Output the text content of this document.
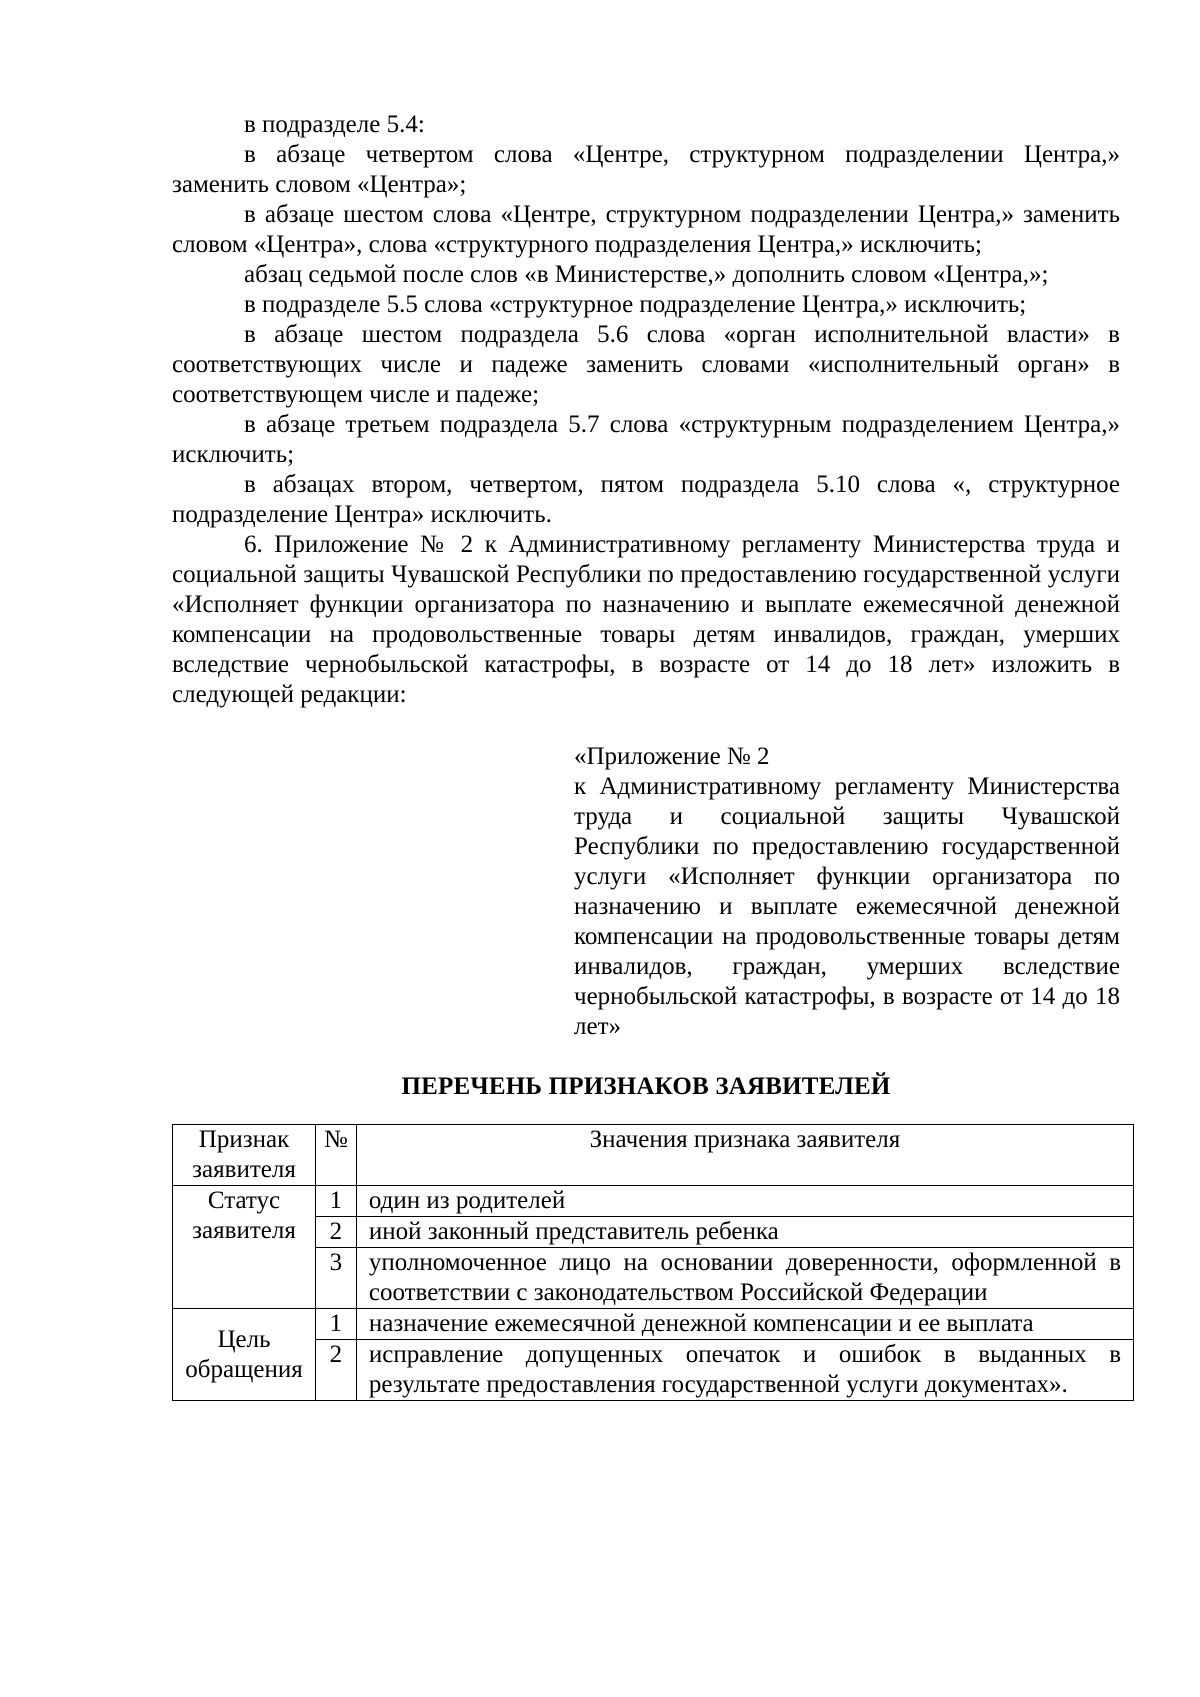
в подразделе 5.4:

в абзаце четвертом слова «Центре, структурном подразделении Центра,» заменить словом «Центра»;

в абзаце шестом слова «Центре, структурном подразделении Центра,» заменить словом «Центра», слова «структурного подразделения Центра,» исключить;

абзац седьмой после слов «в Министерстве,» дополнить словом «Центра,»;

в подразделе 5.5 слова «структурное подразделение Центра,» исключить;

в абзаце шестом подраздела 5.6 слова «орган исполнительной власти» в соответствующих числе и падеже заменить словами «исполнительный орган» в соответствующем числе и падеже;

в абзаце третьем подраздела 5.7 слова «структурным подразделением Центра,» исключить;

в абзацах втором, четвертом, пятом подраздела 5.10 слова «, структурное подразделение Центра» исключить.

6. Приложение № 2 к Административному регламенту Министерства труда и социальной защиты Чувашской Республики по предоставлению государственной услуги «Исполняет функции организатора по назначению и выплате ежемесячной денежной компенсации на продовольственные товары детям инвалидов, граждан, умерших вследствие чернобыльской катастрофы, в возрасте от 14 до 18 лет» изложить в следующей редакции:

«Приложение № 2

к Административному регламенту Министерства труда и социальной защиты Чувашской Республики по предоставлению государственной услуги «Исполняет функции организатора по назначению и выплате ежемесячной денежной компенсации на продовольственные товары детям инвалидов, граждан, умерших вследствие чернобыльской катастрофы, в возрасте от 14 до 18 лет»

ПЕРЕЧЕНЬ ПРИЗНАКОВ ЗАЯВИТЕЛЕЙ
Признак заявителя	№	Значения признака заявителя
Статус заявителя	1	один из родителей
	2	иной законный представитель ребенка
	3	уполномоченное лицо на основании доверенности, оформленной в соответствии с законодательством Российской Федерации
Цель обращения	1	назначение ежемесячной денежной компенсации и ее выплата
	2	исправление допущенных опечаток и ошибок в выданных в результате предоставления государственной услуги документах».
